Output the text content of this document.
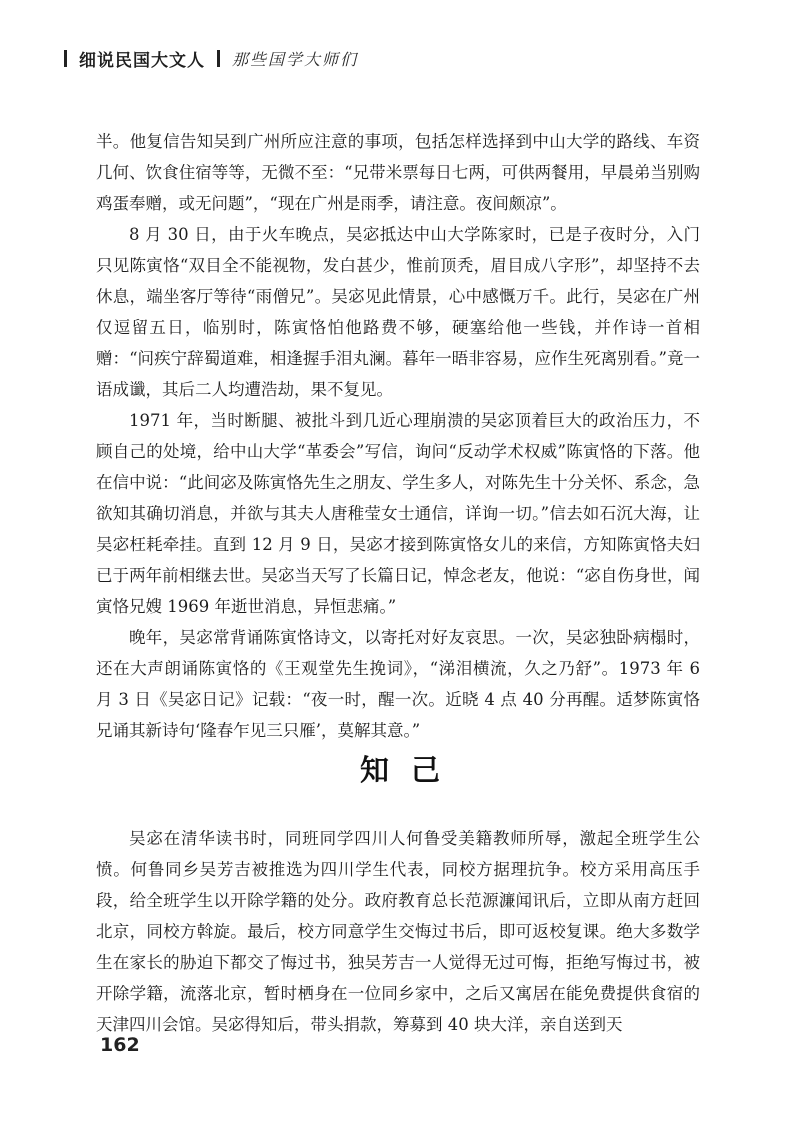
细说民国大文人 那些国学大师们

半。他复信告知吴到广州所应注意的事项，包括怎样选择到中山大学的路线、车资几何、饮食住宿等等，无微不至：“兄带米票每日七两，可供两餐用，早晨弟当别购鸡蛋奉赠，或无问题”，“现在广州是雨季，请注意。夜间颇凉”。

8 月 30 日，由于火车晚点，吴宓抵达中山大学陈家时，已是子夜时分，入门只见陈寅恪“双目全不能视物，发白甚少，惟前顶秃，眉目成八字形”，却坚持不去休息，端坐客厅等待“雨僧兄”。吴宓见此情景，心中感慨万千。此行，吴宓在广州仅逗留五日，临别时，陈寅恪怕他路费不够，硬塞给他一些钱，并作诗一首相赠：“问疾宁辞蜀道难，相逢握手泪丸澜。暮年一晤非容易，应作生死离别看。”竟一语成谶，其后二人均遭浩劫，果不复见。

1971 年，当时断腿、被批斗到几近心理崩溃的吴宓顶着巨大的政治压力，不顾自己的处境，给中山大学“革委会”写信，询问“反动学术权威”陈寅恪的下落。他在信中说：“此间宓及陈寅恪先生之朋友、学生多人，对陈先生十分关怀、系念，急欲知其确切消息，并欲与其夫人唐稚莹女士通信，详询一切。”信去如石沉大海，让吴宓枉耗牵挂。直到 12 月 9 日，吴宓才接到陈寅恪女儿的来信，方知陈寅恪夫妇已于两年前相继去世。吴宓当天写了长篇日记，悼念老友，他说：“宓自伤身世，闻寅恪兄嫂 1969 年逝世消息，异恒悲痛。”

晚年，吴宓常背诵陈寅恪诗文，以寄托对好友哀思。一次，吴宓独卧病榻时，还在大声朗诵陈寅恪的《王观堂先生挽词》，“涕泪横流，久之乃舒”。1973 年 6 月 3 日《吴宓日记》记载：“夜一时，醒一次。近晓 4 点 40 分再醒。适梦陈寅恪兄诵其新诗句‘隆春乍见三只雁’，莫解其意。”

知己

吴宓在清华读书时，同班同学四川人何鲁受美籍教师所辱，激起全班学生公愤。何鲁同乡吴芳吉被推选为四川学生代表，同校方据理抗争。校方采用高压手段，给全班学生以开除学籍的处分。政府教育总长范源濂闻讯后，立即从南方赶回北京，同校方斡旋。最后，校方同意学生交悔过书后，即可返校复课。绝大多数学生在家长的胁迫下都交了悔过书，独吴芳吉一人觉得无过可悔，拒绝写悔过书，被开除学籍，流落北京，暂时栖身在一位同乡家中，之后又寓居在能免费提供食宿的天津四川会馆。吴宓得知后，带头捐款，筹募到 40 块大洋，亲自送到天

162
